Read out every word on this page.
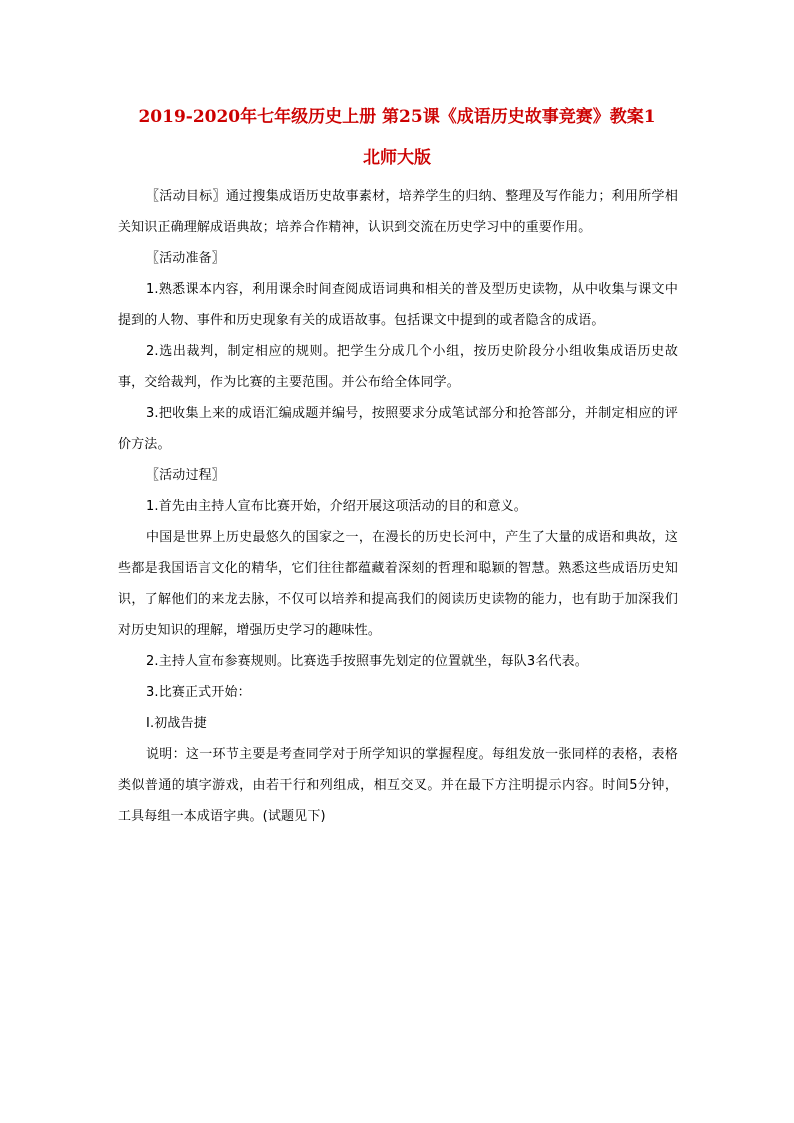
2019-2020年七年级历史上册 第25课《成语历史故事竞赛》教案1
北师大版

〖活动目标〗通过搜集成语历史故事素材，培养学生的归纳、整理及写作能力；利用所学相关知识正确理解成语典故；培养合作精神，认识到交流在历史学习中的重要作用。

〖活动准备〗

1.熟悉课本内容，利用课余时间查阅成语词典和相关的普及型历史读物，从中收集与课文中提到的人物、事件和历史现象有关的成语故事。包括课文中提到的或者隐含的成语。

2.选出裁判，制定相应的规则。把学生分成几个小组，按历史阶段分小组收集成语历史故事，交给裁判，作为比赛的主要范围。并公布给全体同学。

3.把收集上来的成语汇编成题并编号，按照要求分成笔试部分和抢答部分，并制定相应的评价方法。

〖活动过程〗

1.首先由主持人宣布比赛开始，介绍开展这项活动的目的和意义。

中国是世界上历史最悠久的国家之一，在漫长的历史长河中，产生了大量的成语和典故，这些都是我国语言文化的精华，它们往往都蕴藏着深刻的哲理和聪颖的智慧。熟悉这些成语历史知识，了解他们的来龙去脉，不仅可以培养和提高我们的阅读历史读物的能力，也有助于加深我们对历史知识的理解，增强历史学习的趣味性。

2.主持人宣布参赛规则。比赛选手按照事先划定的位置就坐，每队3名代表。

3.比赛正式开始：

Ⅰ.初战告捷

说明：这一环节主要是考查同学对于所学知识的掌握程度。每组发放一张同样的表格，表格类似普通的填字游戏，由若干行和列组成，相互交叉。并在最下方注明提示内容。时间5分钟，工具每组一本成语字典。(试题见下)
